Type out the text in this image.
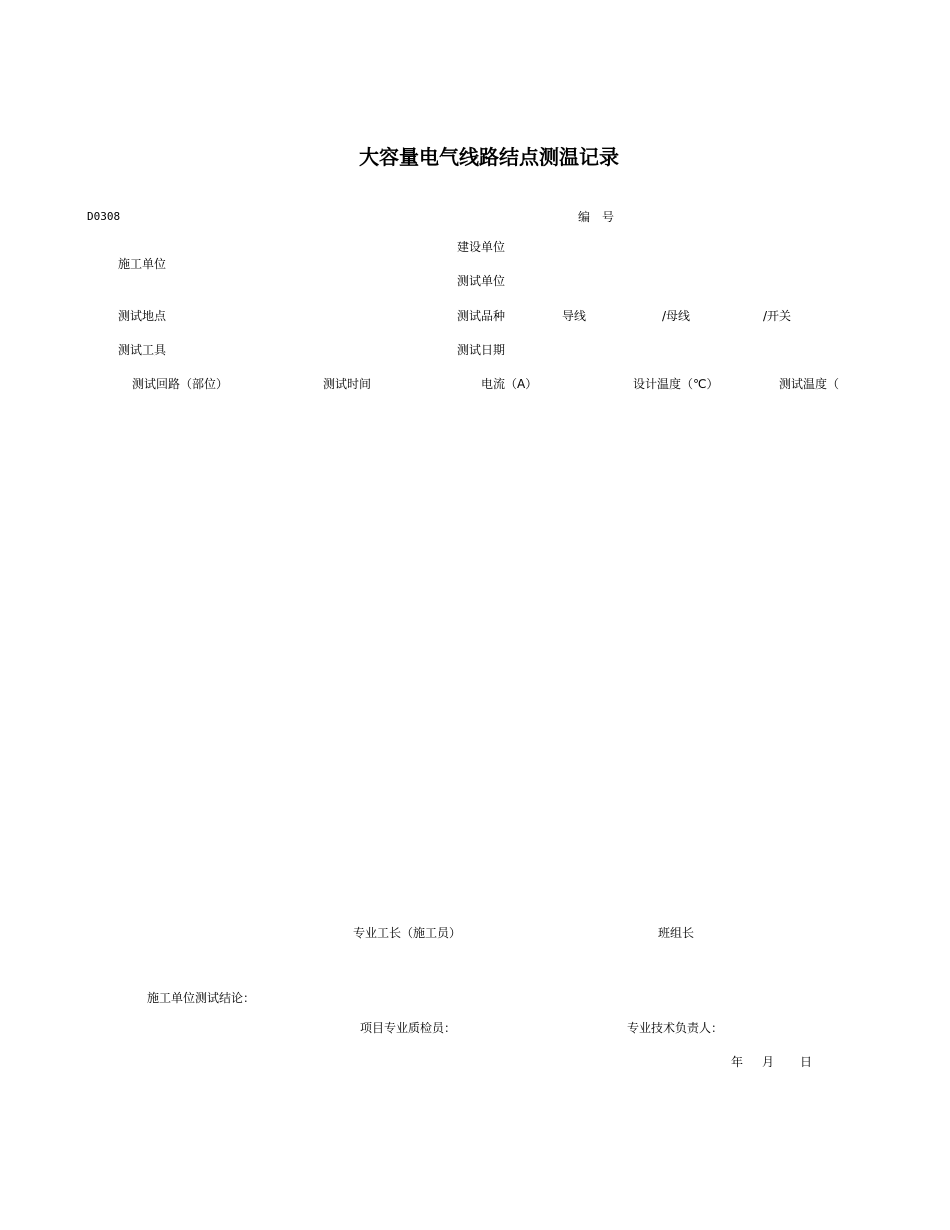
大容量电气线路结点测温记录
D0308	编　号
建设单位
施工单位
测试单位
测试地点	测试品种	导线	/母线	/开关
测试工具	测试日期
测试回路（部位）	测试时间	电流（A）	设计温度（℃）	测试温度（
专业工长（施工员）	班组长
施工单位测试结论：
项目专业质检员：	专业技术负责人：
年 月 日
